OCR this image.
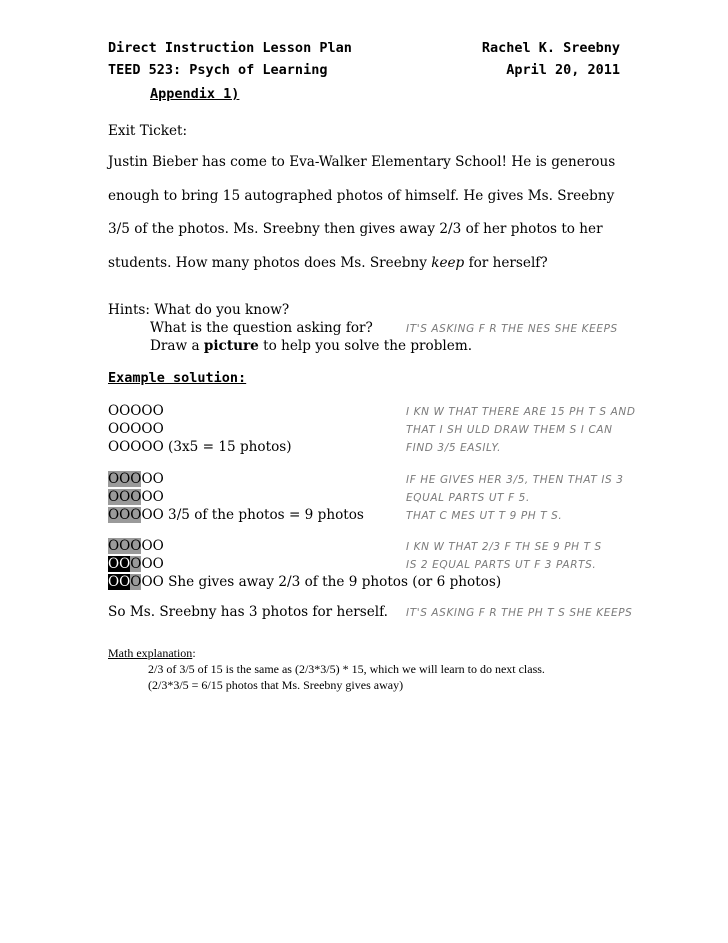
Direct Instruction Lesson Plan
TEED 523: Psych of Learning
Rachel K. Sreebny
April 20, 2011
Appendix 1)
Exit Ticket:
Justin Bieber has come to Eva-Walker Elementary School! He is generous
enough to bring 15 autographed photos of himself. He gives Ms. Sreebny
3/5 of the photos. Ms. Sreebny then gives away 2/3 of her photos to her
students. How many photos does Ms. Sreebny keep for herself?
Hints: What do you know?
What is the question asking for?	IT'S ASKING F R THE NES SHE KEEPS
Draw a picture to help you solve the problem.
Example solution:
OOOOO
OOOOO
OOOOO (3x5 = 15 photos)
I KN W THAT THERE ARE 15 PH T S AND
THAT I SH ULD DRAW THEM S I CAN
FIND 3/5 EASILY.
OOOOO
OOOOO
OOOOO 3/5 of the photos = 9 photos
IF HE GIVES HER 3/5, THEN THAT IS 3
EQUAL PARTS UT F 5.
THAT C MES UT T 9 PH T S.
OOOOO
OOOOO
OOOOO She gives away 2/3 of the 9 photos (or 6 photos)
I KN W THAT 2/3 F TH SE 9 PH T S
IS 2 EQUAL PARTS UT F 3 PARTS.
So Ms. Sreebny has 3 photos for herself. IT'S ASKING F R THE PH T S SHE KEEPS
Math explanation:
2/3 of 3/5 of 15 is the same as (2/3*3/5) * 15, which we will learn to do next class.
(2/3*3/5 = 6/15 photos that Ms. Sreebny gives away)
